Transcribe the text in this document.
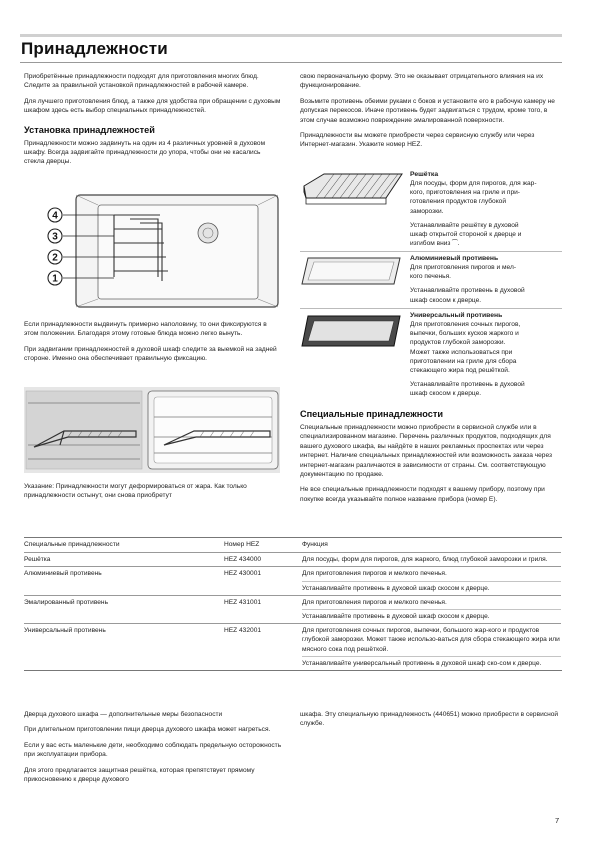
Принадлежности

Приобретённые принадлежности подходят для приготовления многих блюд. Следите за правильной установкой принадлежностей в рабочей камере.

Для лучшего приготовления блюд, а также для удобства при обращении с духовым шкафом здесь есть выбор специальных принадлежностей.

Установка принадлежностей

Принадлежности можно задвинуть на один из 4 различных уровней в духовом шкафу. Всегда задвигайте принадлежности до упора, чтобы они не касались стекла дверцы.

4
3
2
1

Если принадлежности выдвинуть примерно наполовину, то они фиксируются в этом положении. Благодаря этому готовые блюда можно легко вынуть.

При задвигании принадлежностей в духовой шкаф следите за выемкой на задней стороне. Именно она обеспечивает правильную фиксацию.

Указание: Принадлежности могут деформироваться от жара. Как только принадлежности остынут, они снова приобретут

свою первоначальную форму. Это не оказывает отрицательного влияния на их функционирование.

Возьмите противень обеими руками с боков и установите его в рабочую камеру не допуская перекосов. Иначе противень будет задвигаться с трудом, кроме того, в этом случае возможно повреждение эмалированной поверхности.

Принадлежности вы можете приобрести через сервисную службу или через Интернет-магазин. Укажите номер HEZ.

Решётка
Для посуды, форм для пирогов, для жар-
кого, приготовления на гриле и при-
готовления продуктов глубокой
заморозки.
Устанавливайте решётку в духовой
шкаф открытой стороной к дверце и
изгибом вниз ⁀.
Алюминиевый противень
Для приготовления пирогов и мел-
кого печенья.
Устанавливайте противень в духовой
шкаф скосом к дверце.
Универсальный противень
Для приготовления сочных пирогов,
выпечки, больших кусков жаркого и
продуктов глубокой заморозки.
Может также использоваться при
приготовлении на гриле для сбора
стекающего жира под решёткой.
Устанавливайте противень в духовой
шкаф скосом к дверце.
Специальные принадлежности

Специальные принадлежности можно приобрести в сервисной службе или в специализированном магазине. Перечень различных продуктов, подходящих для вашего духового шкафа, вы найдёте в наших рекламных проспектах или через интернет. Наличие специальных принадлежностей или возможность заказа через интернет-магазин различаются в зависимости от страны. См. соответствующую документацию по продаже.

Не все специальные принадлежности подходят к вашему прибору, поэтому при покупке всегда указывайте полное название прибора (номер E).

Специальные принадлежности	Номер HEZ	Функция
Решётка	HEZ 434000	Для посуды, форм для пирогов, для жаркого, блюд глубокой заморозки и гриля.
Алюминиевый противень	HEZ 430001	Для приготовления пирогов и мелкого печенья.
		Устанавливайте противень в духовой шкаф скосом к дверце.
Эмалированный противень	HEZ 431001	Для приготовления пирогов и мелкого печенья.
		Устанавливайте противень в духовой шкаф скосом к дверце.
Универсальный противень	HEZ 432001	Для приготовления сочных пирогов, выпечки, большого жар-кого и продуктов глубокой заморозки. Может также использо-ваться для сбора стекающего жира или мясного сока под решёткой.
		Устанавливайте универсальный противень в духовой шкаф ско-сом к дверце.

Дверца духового шкафа — дополнительные меры безопасности

При длительном приготовлении пищи дверца духового шкафа может нагреться.

Если у вас есть маленькие дети, необходимо соблюдать предельную осторожность при эксплуатации прибора.

Для этого предлагается защитная решётка, которая препятствует прямому прикосновению к дверце духового

шкафа. Эту специальную принадлежность (440651) можно приобрести в сервисной службе.
7
